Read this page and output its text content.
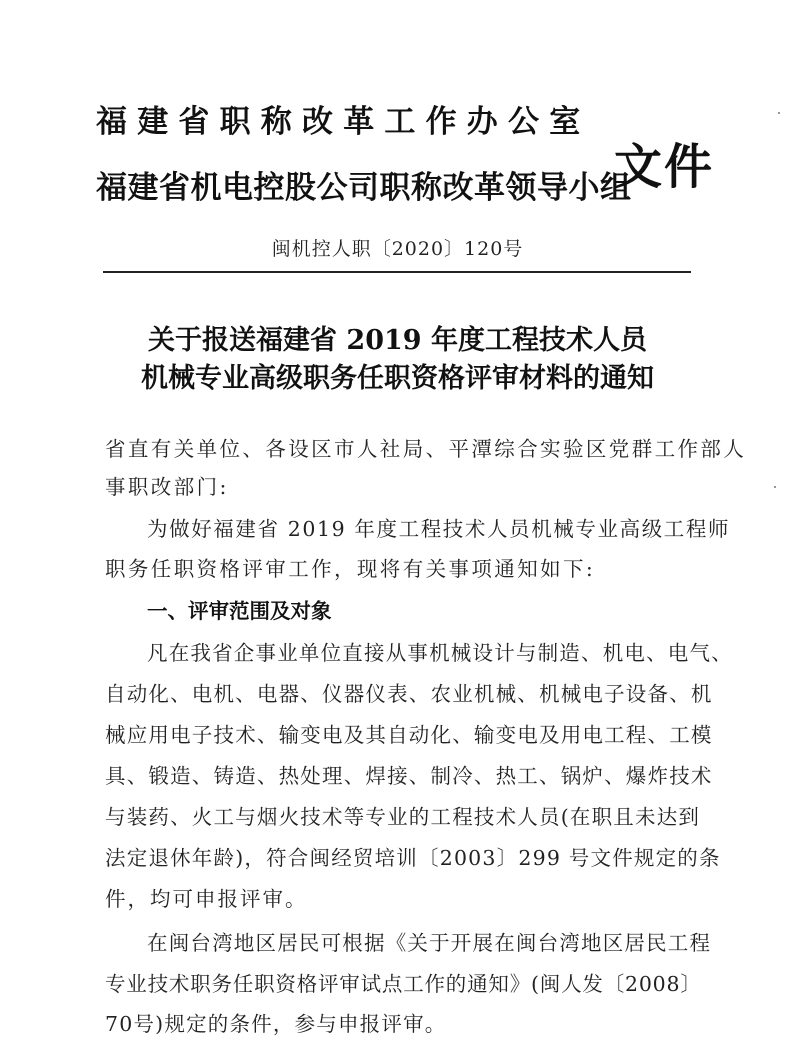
福建省职称改革工作办公室
福建省机电控股公司职称改革领导小组
文件
闽机控人职〔2020〕120号
关于报送福建省 2019 年度工程技术人员
机械专业高级职务任职资格评审材料的通知
省直有关单位、各设区市人社局、平潭综合实验区党群工作部人
事职改部门:
为做好福建省 2019 年度工程技术人员机械专业高级工程师
职务任职资格评审工作，现将有关事项通知如下:
一、评审范围及对象
凡在我省企事业单位直接从事机械设计与制造、机电、电气、
自动化、电机、电器、仪器仪表、农业机械、机械电子设备、机
械应用电子技术、输变电及其自动化、输变电及用电工程、工模
具、锻造、铸造、热处理、焊接、制冷、热工、锅炉、爆炸技术
与装药、火工与烟火技术等专业的工程技术人员(在职且未达到
法定退休年龄)，符合闽经贸培训〔2003〕299 号文件规定的条
件，均可申报评审。
在闽台湾地区居民可根据《关于开展在闽台湾地区居民工程
专业技术职务任职资格评审试点工作的通知》(闽人发〔2008〕
70号)规定的条件，参与申报评审。
